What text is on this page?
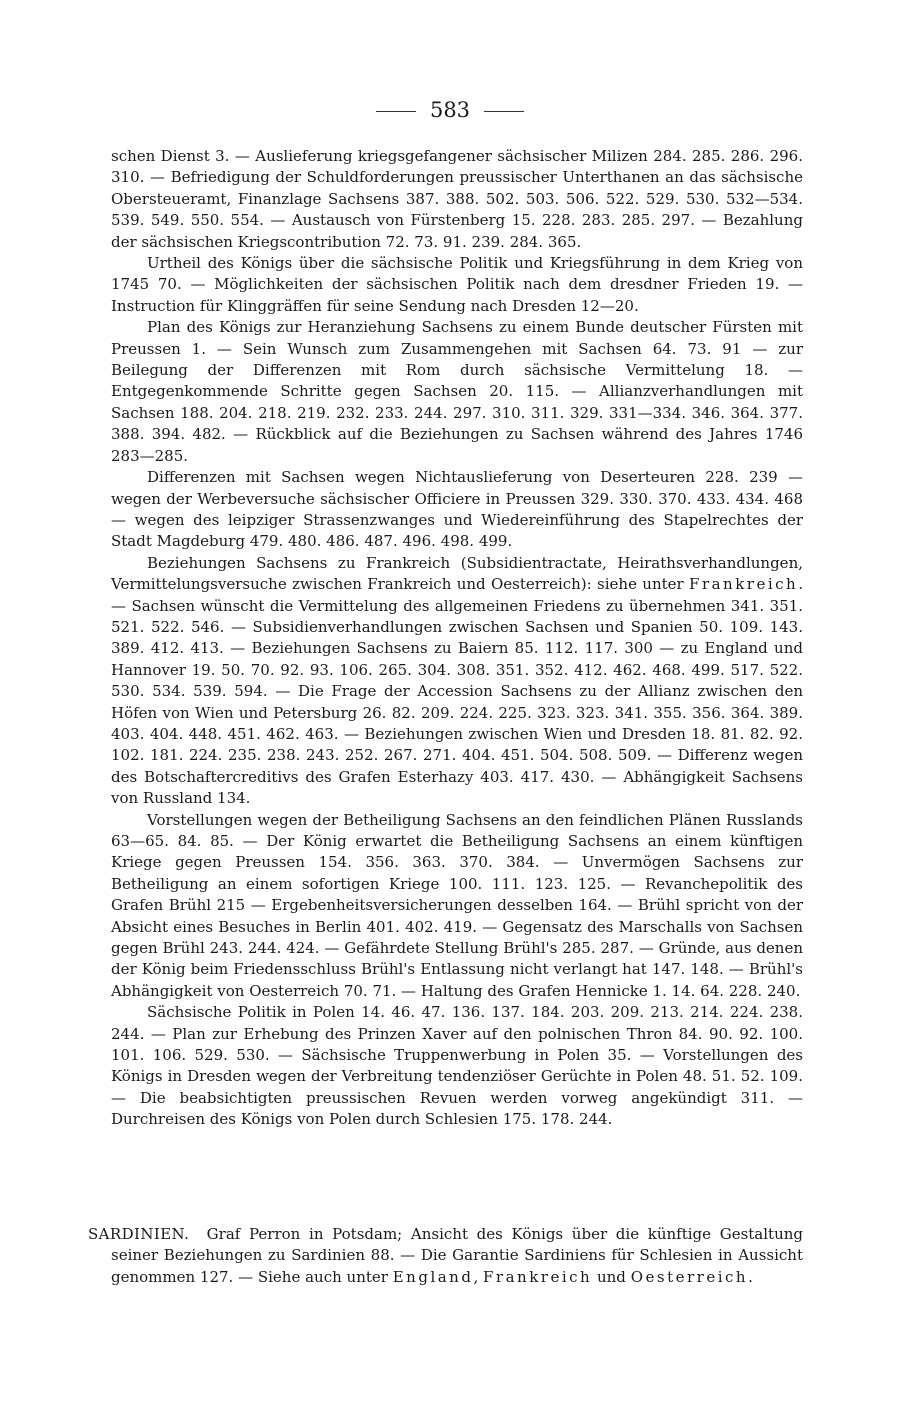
583

schen Dienst 3. — Auslieferung kriegsgefangener sächsischer Milizen 284. 285. 286. 296. 310. — Befriedigung der Schuldforderungen preussischer Unterthanen an das sächsische Obersteueramt, Finanzlage Sachsens 387. 388. 502. 503. 506. 522. 529. 530. 532—534. 539. 549. 550. 554. — Austausch von Fürstenberg 15. 228. 283. 285. 297. — Bezahlung der sächsischen Kriegscontribution 72. 73. 91. 239. 284. 365.

Urtheil des Königs über die sächsische Politik und Kriegsführung in dem Krieg von 1745 70. — Möglichkeiten der sächsischen Politik nach dem dresdner Frieden 19. — Instruction für Klinggräffen für seine Sendung nach Dresden 12—20.

Plan des Königs zur Heranziehung Sachsens zu einem Bunde deutscher Fürsten mit Preussen 1. — Sein Wunsch zum Zusammengehen mit Sachsen 64. 73. 91 — zur Beilegung der Differenzen mit Rom durch sächsische Vermittelung 18. — Entgegenkommende Schritte gegen Sachsen 20. 115. — Allianzverhandlungen mit Sachsen 188. 204. 218. 219. 232. 233. 244. 297. 310. 311. 329. 331—334. 346. 364. 377. 388. 394. 482. — Rückblick auf die Beziehungen zu Sachsen während des Jahres 1746 283—285.

Differenzen mit Sachsen wegen Nichtauslieferung von Deserteuren 228. 239 — wegen der Werbeversuche sächsischer Officiere in Preussen 329. 330. 370. 433. 434. 468 — wegen des leipziger Strassenzwanges und Wiedereinführung des Stapelrechtes der Stadt Magdeburg 479. 480. 486. 487. 496. 498. 499.

Beziehungen Sachsens zu Frankreich (Subsidientractate, Heirathsverhandlungen, Vermittelungsversuche zwischen Frankreich und Oesterreich): siehe unter Frankreich. — Sachsen wünscht die Vermittelung des allgemeinen Friedens zu übernehmen 341. 351. 521. 522. 546. — Subsidienverhandlungen zwischen Sachsen und Spanien 50. 109. 143. 389. 412. 413. — Beziehungen Sachsens zu Baiern 85. 112. 117. 300 — zu England und Hannover 19. 50. 70. 92. 93. 106. 265. 304. 308. 351. 352. 412. 462. 468. 499. 517. 522. 530. 534. 539. 594. — Die Frage der Accession Sachsens zu der Allianz zwischen den Höfen von Wien und Petersburg 26. 82. 209. 224. 225. 323. 323. 341. 355. 356. 364. 389. 403. 404. 448. 451. 462. 463. — Beziehungen zwischen Wien und Dresden 18. 81. 82. 92. 102. 181. 224. 235. 238. 243. 252. 267. 271. 404. 451. 504. 508. 509. — Differenz wegen des Botschaftercreditivs des Grafen Esterhazy 403. 417. 430. — Abhängigkeit Sachsens von Russland 134.

Vorstellungen wegen der Betheiligung Sachsens an den feindlichen Plänen Russlands 63—65. 84. 85. — Der König erwartet die Betheiligung Sachsens an einem künftigen Kriege gegen Preussen 154. 356. 363. 370. 384. — Unvermögen Sachsens zur Betheiligung an einem sofortigen Kriege 100. 111. 123. 125. — Revanchepolitik des Grafen Brühl 215 — Ergebenheitsversicherungen desselben 164. — Brühl spricht von der Absicht eines Besuches in Berlin 401. 402. 419. — Gegensatz des Marschalls von Sachsen gegen Brühl 243. 244. 424. — Gefährdete Stellung Brühl's 285. 287. — Gründe, aus denen der König beim Friedensschluss Brühl's Entlassung nicht verlangt hat 147. 148. — Brühl's Abhängigkeit von Oesterreich 70. 71. — Haltung des Grafen Hennicke 1. 14. 64. 228. 240.

Sächsische Politik in Polen 14. 46. 47. 136. 137. 184. 203. 209. 213. 214. 224. 238. 244. — Plan zur Erhebung des Prinzen Xaver auf den polnischen Thron 84. 90. 92. 100. 101. 106. 529. 530. — Sächsische Truppenwerbung in Polen 35. — Vorstellungen des Königs in Dresden wegen der Verbreitung tendenziöser Gerüchte in Polen 48. 51. 52. 109. — Die beabsichtigten preussischen Revuen werden vorweg angekündigt 311. — Durchreisen des Königs von Polen durch Schlesien 175. 178. 244.

SARDINIEN. Graf Perron in Potsdam; Ansicht des Königs über die künftige Gestaltung seiner Beziehungen zu Sardinien 88. — Die Garantie Sardiniens für Schlesien in Aussicht genommen 127. — Siehe auch unter England, Frankreich und Oesterreich.
